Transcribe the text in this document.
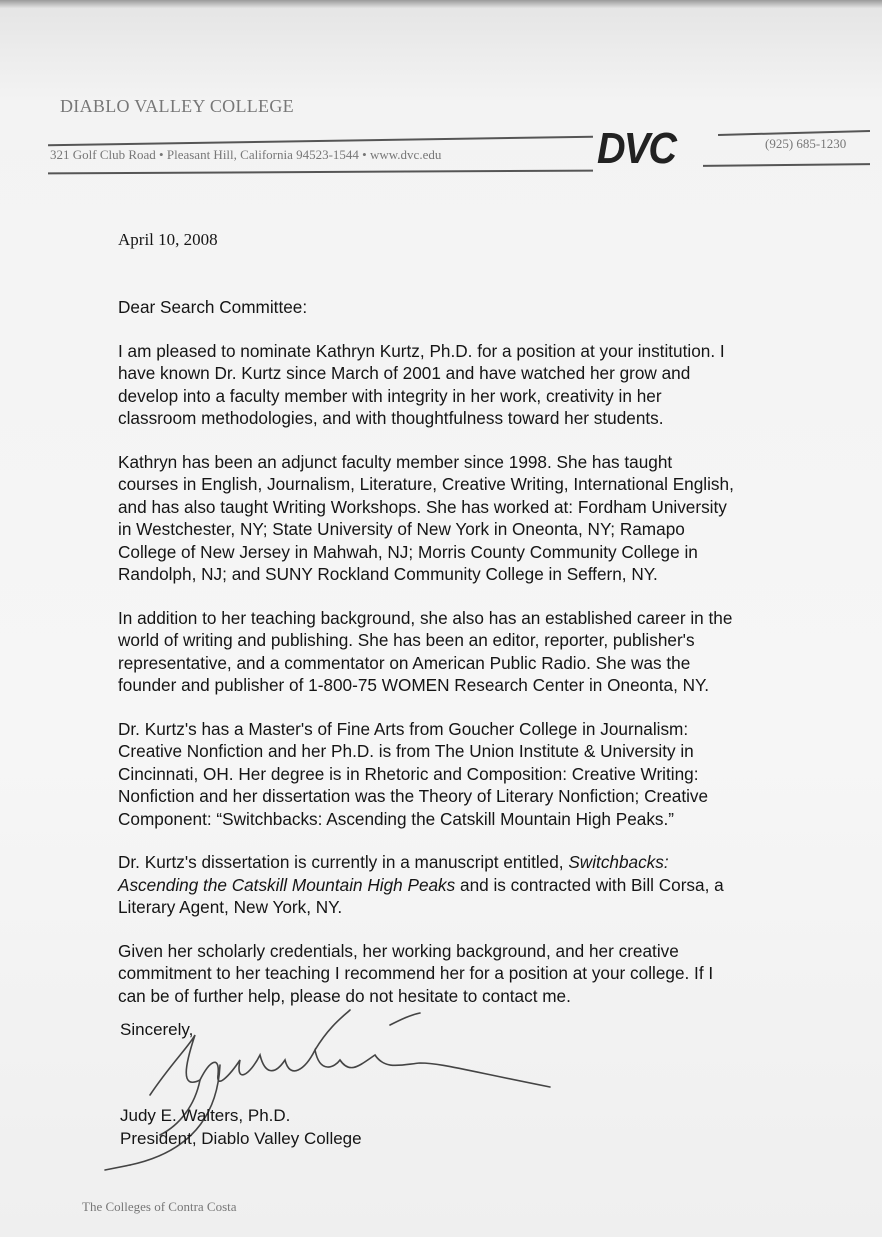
DIABLO VALLEY COLLEGE
321 Golf Club Road • Pleasant Hill, California 94523-1544 • www.dvc.edu	DVC	(925) 685-1230
April 10, 2008

Dear Search Committee:

I am pleased to nominate Kathryn Kurtz, Ph.D. for a position at your institution. I
have known Dr. Kurtz since March of 2001 and have watched her grow and
develop into a faculty member with integrity in her work, creativity in her
classroom methodologies, and with thoughtfulness toward her students.

Kathryn has been an adjunct faculty member since 1998. She has taught
courses in English, Journalism, Literature, Creative Writing, International English,
and has also taught Writing Workshops. She has worked at: Fordham University
in Westchester, NY; State University of New York in Oneonta, NY; Ramapo
College of New Jersey in Mahwah, NJ; Morris County Community College in
Randolph, NJ; and SUNY Rockland Community College in Seffern, NY.

In addition to her teaching background, she also has an established career in the
world of writing and publishing. She has been an editor, reporter, publisher's
representative, and a commentator on American Public Radio. She was the
founder and publisher of 1-800-75 WOMEN Research Center in Oneonta, NY.

Dr. Kurtz's has a Master's of Fine Arts from Goucher College in Journalism:
Creative Nonfiction and her Ph.D. is from The Union Institute & University in
Cincinnati, OH. Her degree is in Rhetoric and Composition: Creative Writing:
Nonfiction and her dissertation was the Theory of Literary Nonfiction; Creative
Component: “Switchbacks: Ascending the Catskill Mountain High Peaks.”

Dr. Kurtz's dissertation is currently in a manuscript entitled, Switchbacks:
Ascending the Catskill Mountain High Peaks and is contracted with Bill Corsa, a
Literary Agent, New York, NY.

Given her scholarly credentials, her working background, and her creative
commitment to her teaching I recommend her for a position at your college. If I
can be of further help, please do not hesitate to contact me.

Sincerely,
Judy E. Walters, Ph.D.
President, Diablo Valley College
The Colleges of Contra Costa
